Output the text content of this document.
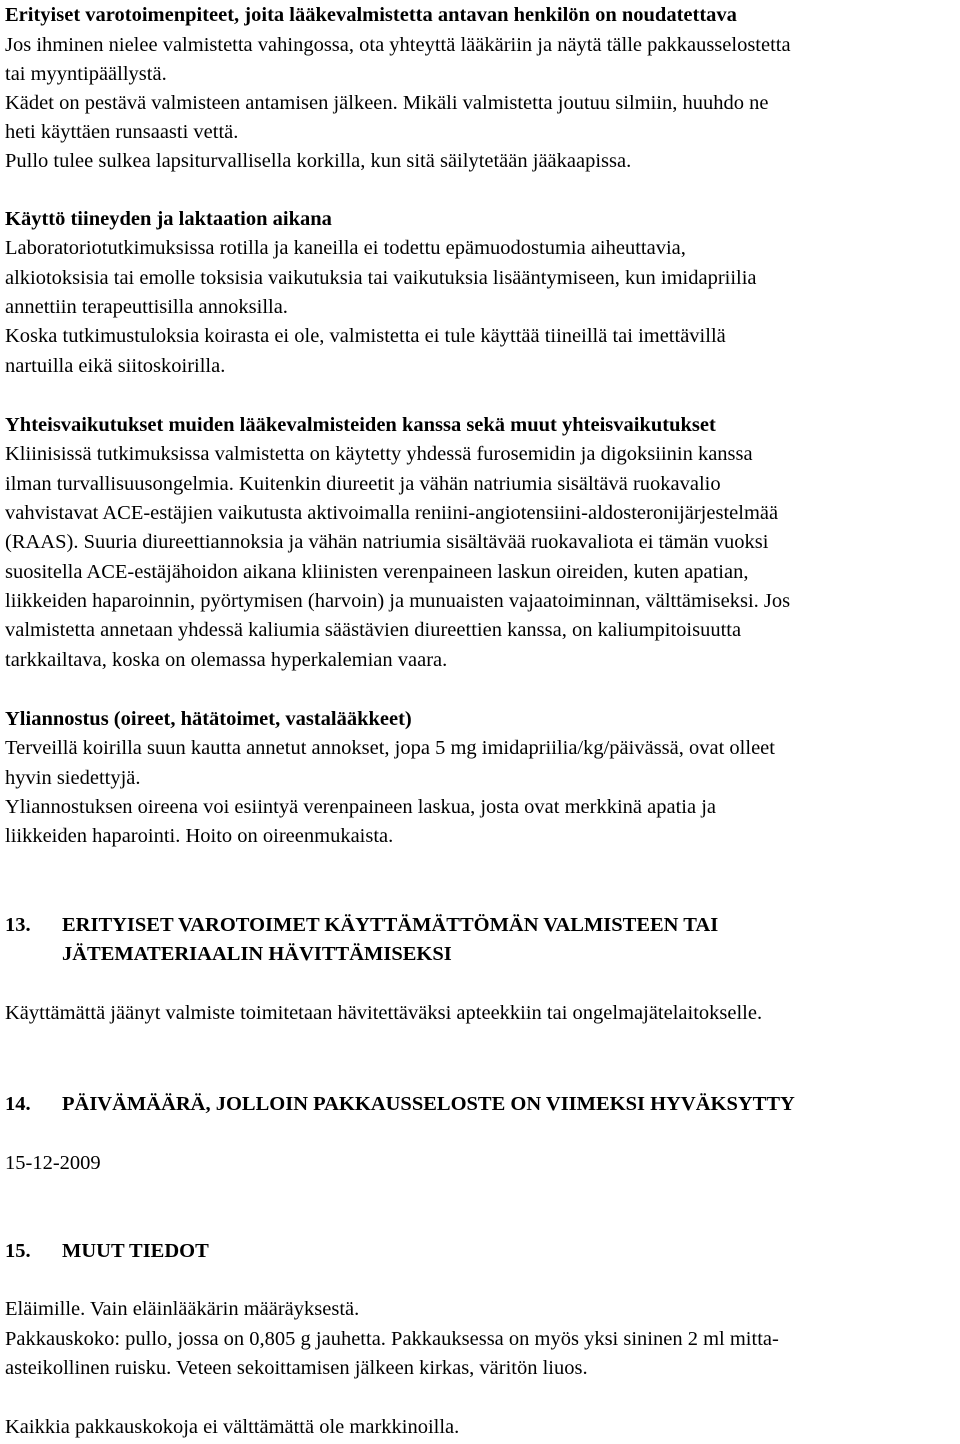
Erityiset varotoimenpiteet, joita lääkevalmistetta antavan henkilön on noudatettava
Jos ihminen nielee valmistetta vahingossa, ota yhteyttä lääkäriin ja näytä tälle pakkausselostetta
tai myyntipäällystä.
Kädet on pestävä valmisteen antamisen jälkeen. Mikäli valmistetta joutuu silmiin, huuhdo ne
heti käyttäen runsaasti vettä.
Pullo tulee sulkea lapsiturvallisella korkilla, kun sitä säilytetään jääkaapissa.
Käyttö tiineyden ja laktaation aikana
Laboratoriotutkimuksissa rotilla ja kaneilla ei todettu epämuodostumia aiheuttavia,
alkiotoksisia tai emolle toksisia vaikutuksia tai vaikutuksia lisääntymiseen, kun imidapriilia
annettiin terapeuttisilla annoksilla.
Koska tutkimustuloksia koirasta ei ole, valmistetta ei tule käyttää tiineillä tai imettävillä
nartuilla eikä siitoskoirilla.
Yhteisvaikutukset muiden lääkevalmisteiden kanssa sekä muut yhteisvaikutukset
Kliinisissä tutkimuksissa valmistetta on käytetty yhdessä furosemidin ja digoksiinin kanssa
ilman turvallisuusongelmia. Kuitenkin diureetit ja vähän natriumia sisältävä ruokavalio
vahvistavat ACE-estäjien vaikutusta aktivoimalla reniini-angiotensiini-aldosteronijärjestelmää
(RAAS). Suuria diureettiannoksia ja vähän natriumia sisältävää ruokavaliota ei tämän vuoksi
suositella ACE-estäjähoidon aikana kliinisten verenpaineen laskun oireiden, kuten apatian,
liikkeiden haparoinnin, pyörtymisen (harvoin) ja munuaisten vajaatoiminnan, välttämiseksi. Jos
valmistetta annetaan yhdessä kaliumia säästävien diureettien kanssa, on kaliumpitoisuutta
tarkkailtava, koska on olemassa hyperkalemian vaara.
Yliannostus (oireet, hätätoimet, vastalääkkeet)
Terveillä koirilla suun kautta annetut annokset, jopa 5 mg imidapriilia/kg/päivässä, ovat olleet
hyvin siedettyjä.
Yliannostuksen oireena voi esiintyä verenpaineen laskua, josta ovat merkkinä apatia ja
liikkeiden haparointi. Hoito on oireenmukaista.
13. ERITYISET VAROTOIMET KÄYTTÄMÄTTÖMÄN VALMISTEEN TAI
JÄTEMATERIAALIN HÄVITTÄMISEKSI
Käyttämättä jäänyt valmiste toimitetaan hävitettäväksi apteekkiin tai ongelmajätelaitokselle.
14. PÄIVÄMÄÄRÄ, JOLLOIN PAKKAUSSELOSTE ON VIIMEKSI HYVÄKSYTTY
15-12-2009
15. MUUT TIEDOT
Eläimille. Vain eläinlääkärin määräyksestä.
Pakkauskoko: pullo, jossa on 0,805 g jauhetta. Pakkauksessa on myös yksi sininen 2 ml mitta-
asteikollinen ruisku. Veteen sekoittamisen jälkeen kirkas, väritön liuos.
Kaikkia pakkauskokoja ei välttämättä ole markkinoilla.
